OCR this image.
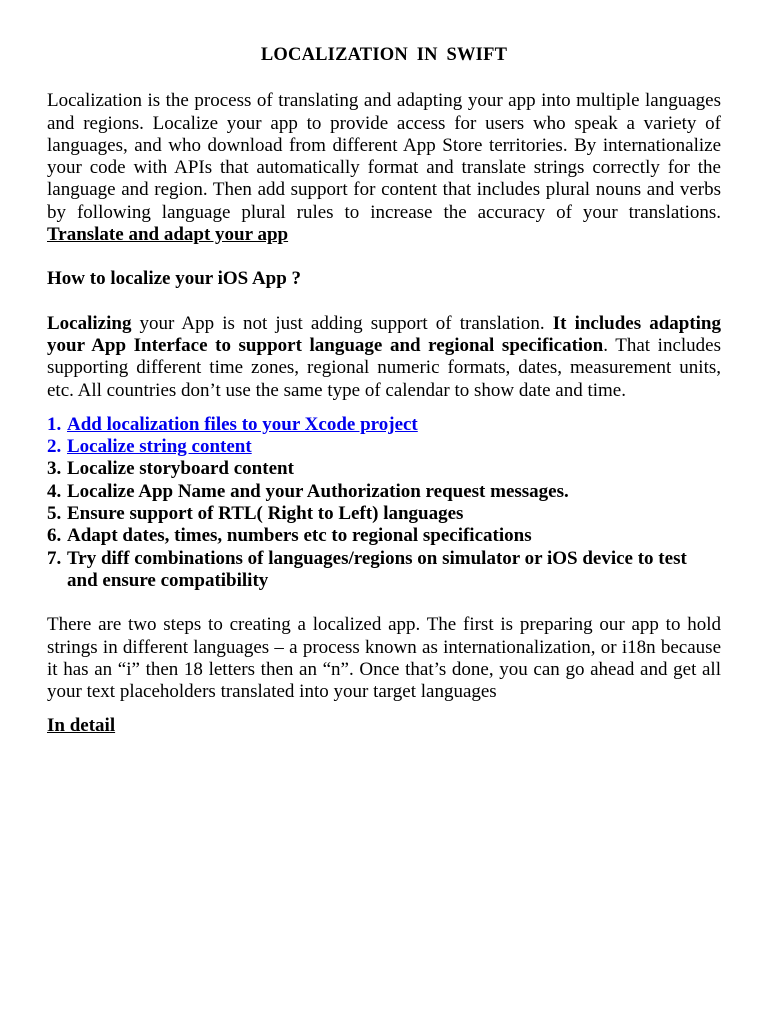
LOCALIZATION IN SWIFT

Localization is the process of translating and adapting your app into multiple languages and regions. Localize your app to provide access for users who speak a variety of languages, and who download from different App Store territories. By internationalize your code with APIs that automatically format and translate strings correctly for the language and region. Then add support for content that includes plural nouns and verbs by following language plural rules to increase the accuracy of your translations. Translate and adapt your app

How to localize your iOS App ?

Localizing your App is not just adding support of translation. It includes adapting your App Interface to support language and regional specification. That includes supporting different time zones, regional numeric formats, dates, measurement units, etc. All countries don’t use the same type of calendar to show date and time.

1. Add localization files to your Xcode project
2. Localize string content
3. Localize storyboard content
4. Localize App Name and your Authorization request messages.
5. Ensure support of RTL( Right to Left) languages
6. Adapt dates, times, numbers etc to regional specifications
7. Try diff combinations of languages/regions on simulator or iOS device to test and ensure compatibility

There are two steps to creating a localized app. The first is preparing our app to hold strings in different languages – a process known as internationalization, or i18n because it has an “i” then 18 letters then an “n”. Once that’s done, you can go ahead and get all your text placeholders translated into your target languages

In detail
